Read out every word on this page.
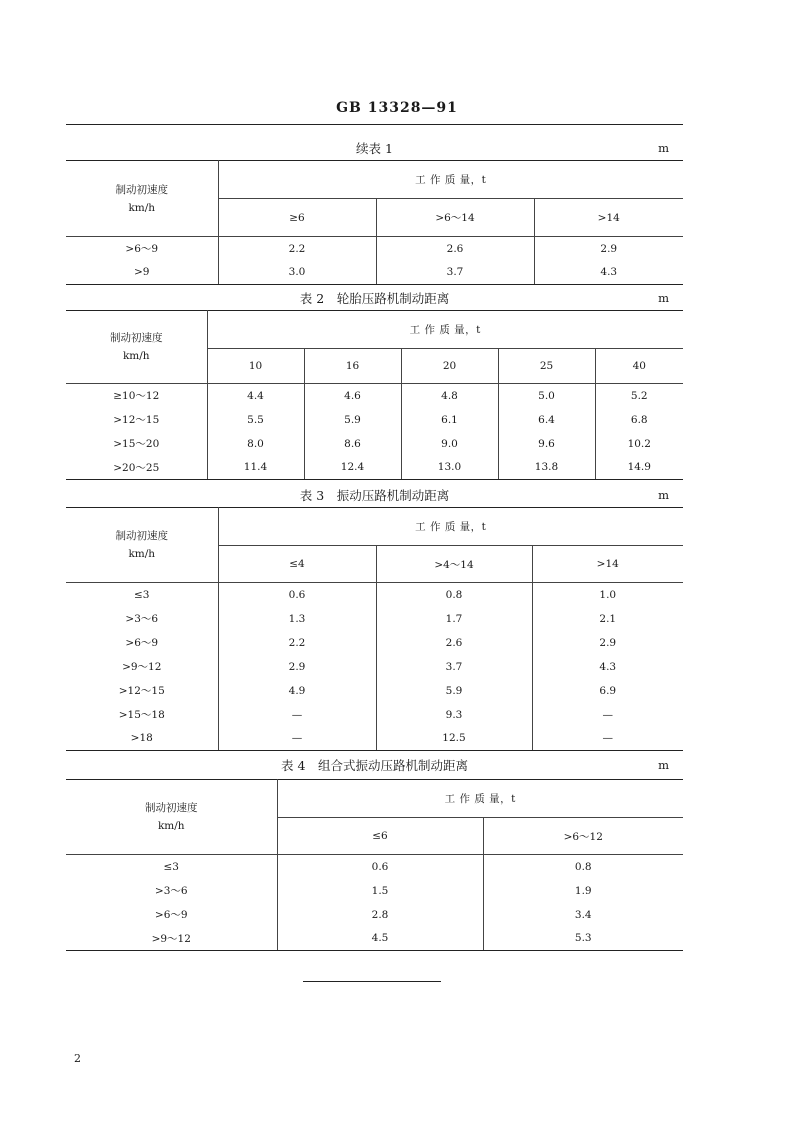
GB 13328—91
续表 1	m
制动初速度
km/h	工 作 质 量，t		
	≥6	>6～14	>14
>6～9	2.2	2.6	2.9
>9	3.0	3.7	4.3
表 2　轮胎压路机制动距离	m
制动初速度
km/h	工 作 质 量，t				
	10	16	20	25	40
≥10～12	4.4	4.6	4.8	5.0	5.2
>12～15	5.5	5.9	6.1	6.4	6.8
>15～20	8.0	8.6	9.0	9.6	10.2
>20～25	11.4	12.4	13.0	13.8	14.9
表 3　振动压路机制动距离	m
制动初速度
km/h	工 作 质 量，t		
	≤4	>4～14	>14
≤3	0.6	0.8	1.0
>3～6	1.3	1.7	2.1
>6～9	2.2	2.6	2.9
>9～12	2.9	3.7	4.3
>12～15	4.9	5.9	6.9
>15～18	—	9.3	—
>18	—	12.5	—
表 4　组合式振动压路机制动距离	m
制动初速度
km/h	工 作 质 量，t	
	≤6	>6～12
≤3	0.6	0.8
>3～6	1.5	1.9
>6～9	2.8	3.4
>9～12	4.5	5.3
2
